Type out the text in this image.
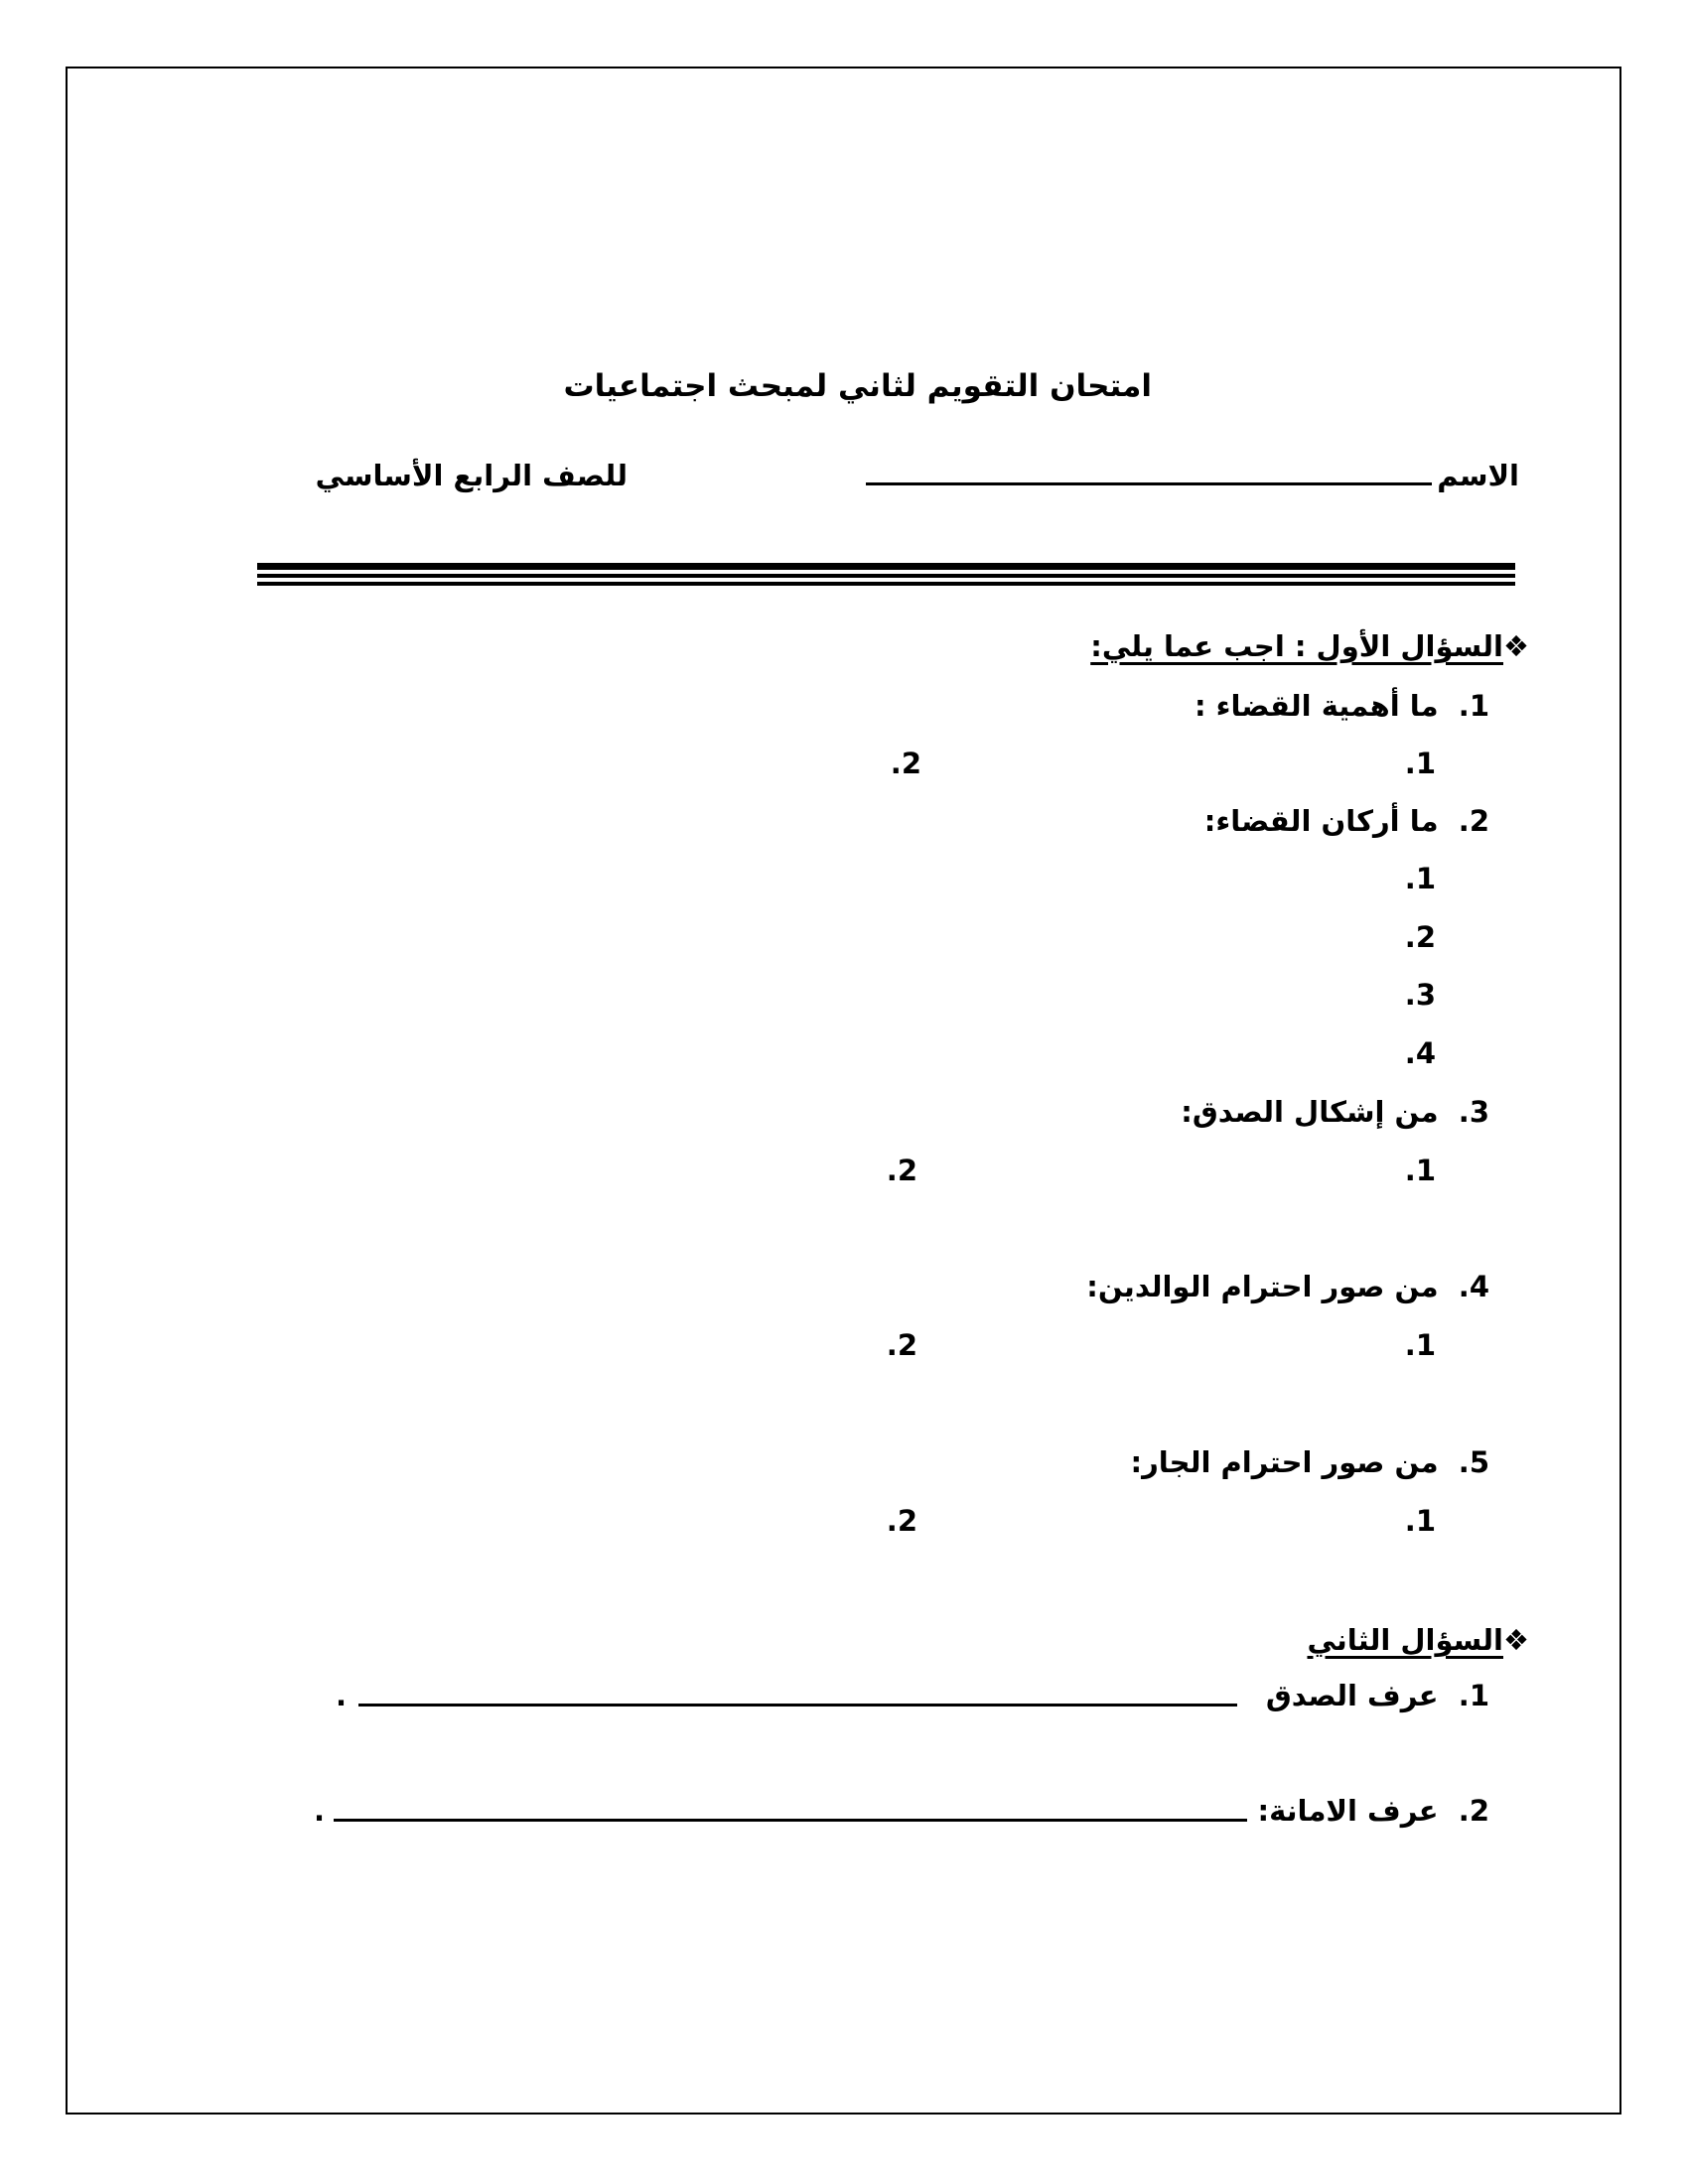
امتحان التقويم لثاني لمبحث اجتماعيات
الاسم
للصف الرابع الأساسي
❖السؤال الأول : اجب عما يلي:
1.  ما أهمية القضاء :
1.
2.
2.  ما أركان القضاء:
1.
2.
3.
4.
3.  من إشكال الصدق:
1.
2.
4.  من صور احترام الوالدين:
1.
2.
5.  من صور احترام الجار:
1.
2.
❖السؤال الثاني
1.  عرف الصدق
.
2.  عرف الامانة:
.
